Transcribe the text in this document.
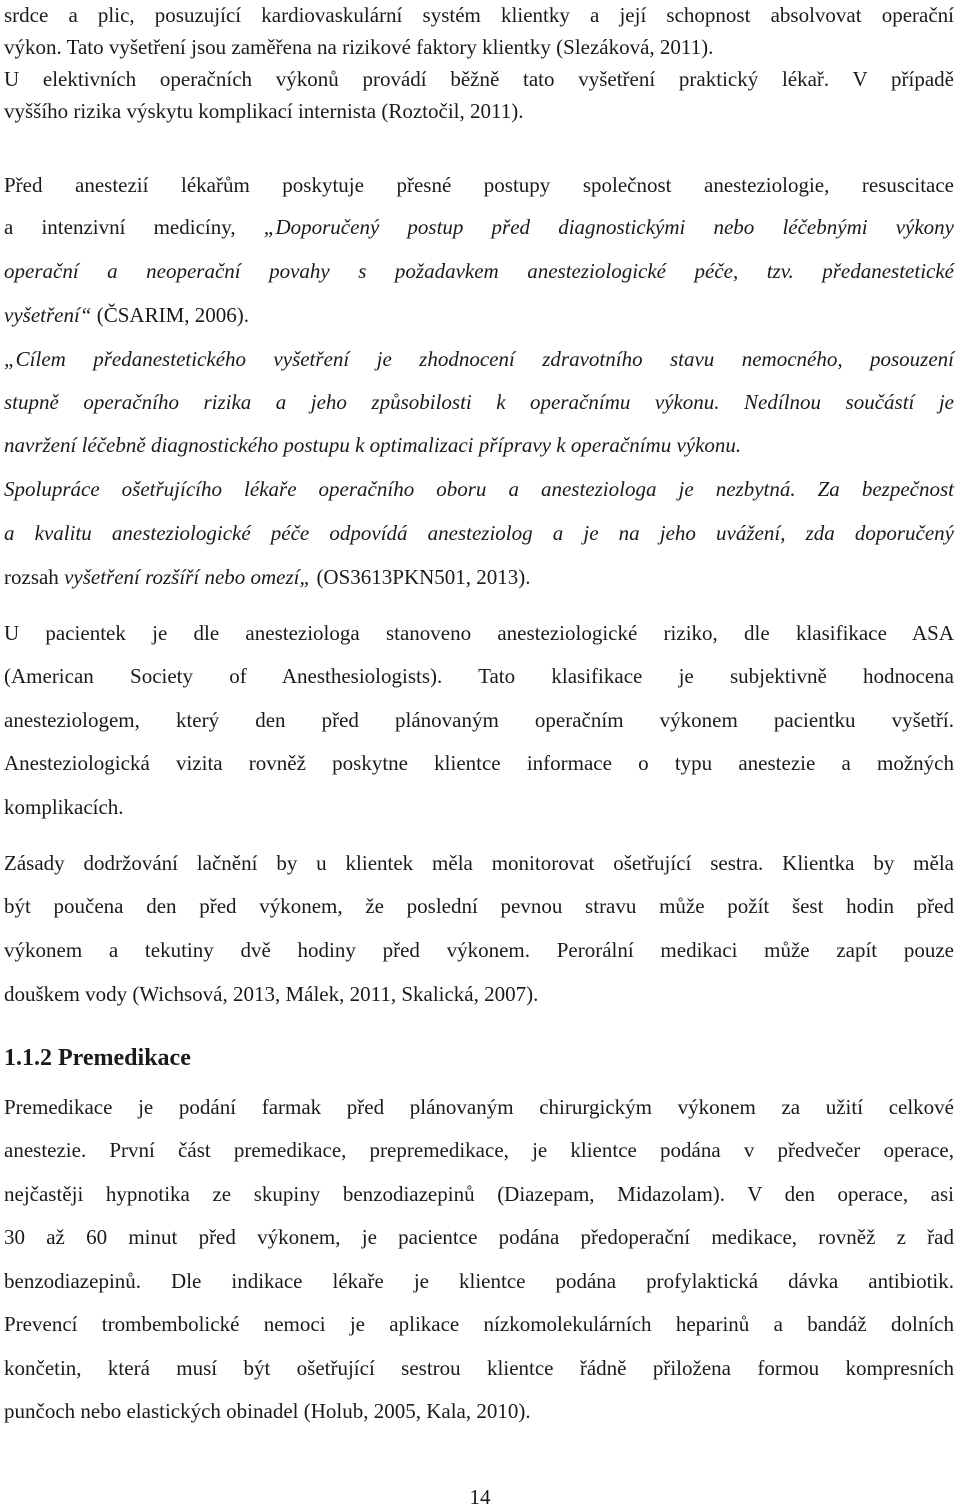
srdce a plic, posuzující kardiovaskulární systém klientky a její schopnost absolvovat operační
výkon. Tato vyšetření jsou zaměřena na rizikové faktory klientky (Slezáková, 2011).
U elektivních operačních výkonů provádí běžně tato vyšetření praktický lékař. V případě
vyššího rizika výskytu komplikací internista (Roztočil, 2011).
Před anestezií lékařům poskytuje přesné postupy společnost anesteziologie, resuscitace
a intenzivní medicíny, „Doporučený postup před diagnostickými nebo léčebnými výkony
operační a neoperační povahy s požadavkem anesteziologické péče, tzv. předanestetické
vyšetření“ (ČSARIM, 2006).
„Cílem předanestetického vyšetření je zhodnocení zdravotního stavu nemocného, posouzení
stupně operačního rizika a jeho způsobilosti k operačnímu výkonu. Nedílnou součástí je
navržení léčebně diagnostického postupu k optimalizaci přípravy k operačnímu výkonu.
Spolupráce ošetřujícího lékaře operačního oboru a anesteziologa je nezbytná. Za bezpečnost
a kvalitu anesteziologické péče odpovídá anesteziolog a je na jeho uvážení, zda doporučený
rozsah vyšetření rozšíří nebo omezí„ (OS3613PKN501, 2013).
U pacientek je dle anesteziologa stanoveno anesteziologické riziko, dle klasifikace ASA
(American Society of Anesthesiologists). Tato klasifikace je subjektivně hodnocena
anesteziologem, který den před plánovaným operačním výkonem pacientku vyšetří.
Anesteziologická vizita rovněž poskytne klientce informace o typu anestezie a možných
komplikacích.
Zásady dodržování lačnění by u klientek měla monitorovat ošetřující sestra. Klientka by měla
být poučena den před výkonem, že poslední pevnou stravu může požít šest hodin před
výkonem a tekutiny dvě hodiny před výkonem. Perorální medikaci může zapít pouze
douškem vody (Wichsová, 2013, Málek, 2011, Skalická, 2007).
1.1.2 Premedikace
Premedikace je podání farmak před plánovaným chirurgickým výkonem za užití celkové
anestezie. První část premedikace, prepremedikace, je klientce podána v předvečer operace,
nejčastěji hypnotika ze skupiny benzodiazepinů (Diazepam, Midazolam). V den operace, asi
30 až 60 minut před výkonem, je pacientce podána předoperační medikace, rovněž z řad
benzodiazepinů. Dle indikace lékaře je klientce podána profylaktická dávka antibiotik.
Prevencí trombembolické nemoci je aplikace nízkomolekulárních heparinů a bandáž dolních
končetin, která musí být ošetřující sestrou klientce řádně přiložena formou kompresních
punčoch nebo elastických obinadel (Holub, 2005, Kala, 2010).
14
